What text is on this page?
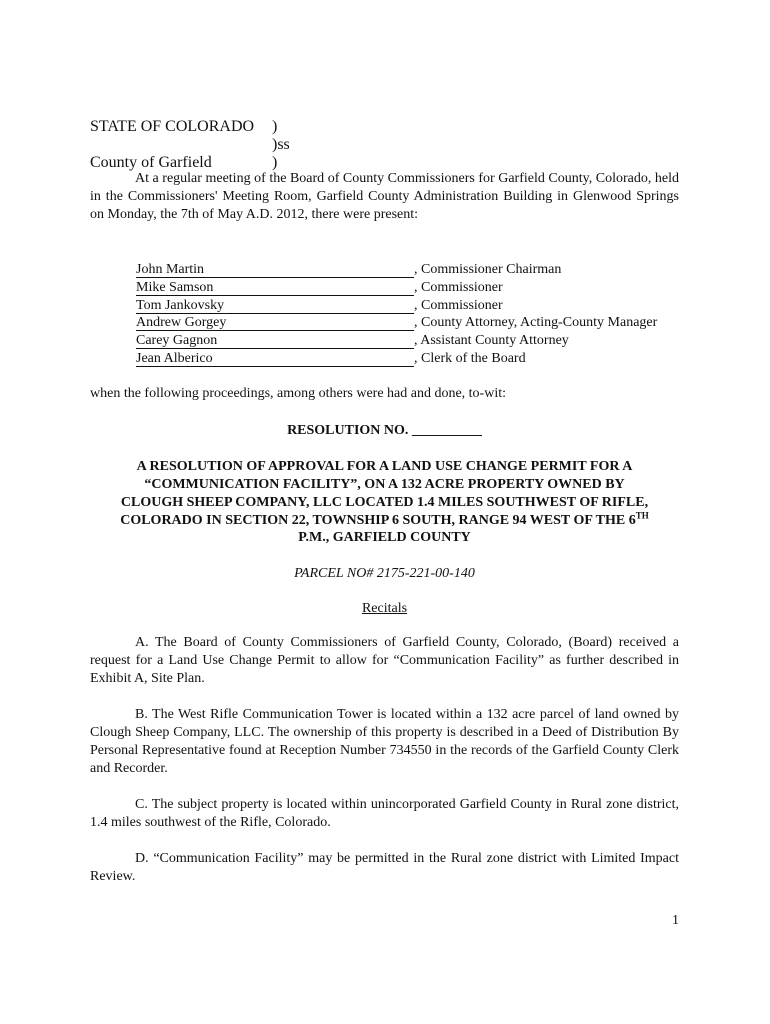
STATE OF COLORADO )
)ss
County of Garfield	)

At a regular meeting of the Board of County Commissioners for Garfield County, Colorado, held in the Commissioners' Meeting Room, Garfield County Administration Building in Glenwood Springs on Monday, the 7th of May A.D. 2012, there were present:

John Martin	, Commissioner Chairman
Mike Samson	, Commissioner
Tom Jankovsky	, Commissioner
Andrew Gorgey	, County Attorney, Acting-County Manager
Carey Gagnon	, Assistant County Attorney
Jean Alberico	, Clerk of the Board
when the following proceedings, among others were had and done, to-wit:
RESOLUTION NO. __________
A RESOLUTION OF APPROVAL FOR A LAND USE CHANGE PERMIT FOR A
“COMMUNICATION FACILITY”, ON A 132 ACRE PROPERTY OWNED BY
CLOUGH SHEEP COMPANY, LLC LOCATED 1.4 MILES SOUTHWEST OF RIFLE,
COLORADO IN SECTION 22, TOWNSHIP 6 SOUTH, RANGE 94 WEST OF THE 6TH
P.M., GARFIELD COUNTY
PARCEL NO# 2175-221-00-140
Recitals

A. The Board of County Commissioners of Garfield County, Colorado, (Board) received a request for a Land Use Change Permit to allow for “Communication Facility” as further described in Exhibit A, Site Plan.

B. The West Rifle Communication Tower is located within a 132 acre parcel of land owned by Clough Sheep Company, LLC. The ownership of this property is described in a Deed of Distribution By Personal Representative found at Reception Number 734550 in the records of the Garfield County Clerk and Recorder.

C. The subject property is located within unincorporated Garfield County in Rural zone district, 1.4 miles southwest of the Rifle, Colorado.

D. “Communication Facility” may be permitted in the Rural zone district with Limited Impact Review.

1
